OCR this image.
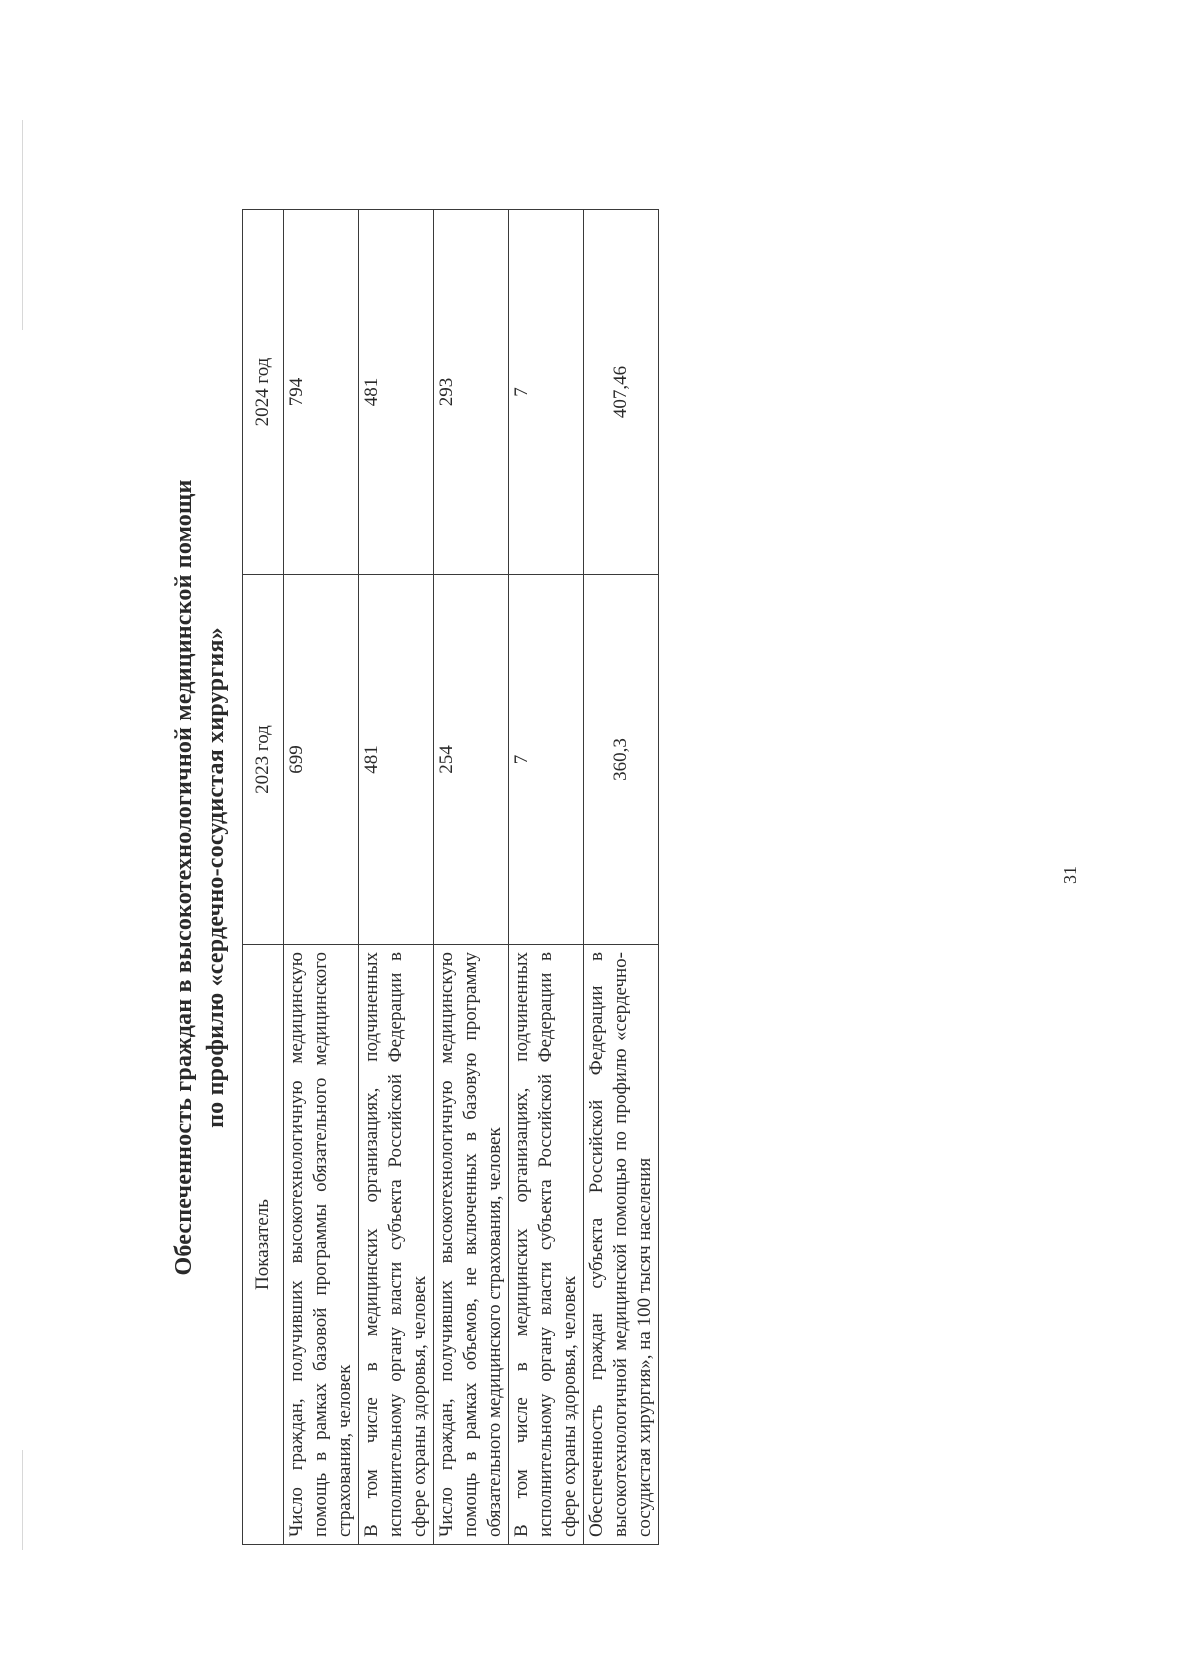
Обеспеченность граждан в высокотехнологичной медицинской помощи по профилю «сердечно-сосудистая хирургия»
Показатель	2023 год	2024 год
Число граждан, получивших высокотехнологичную медицинскую помощь в рамках базовой программы обязательного медицинского страхования, человек	699	794
В том числе в медицинских организациях, подчиненных исполнительному органу власти субъекта Российской Федерации в сфере охраны здоровья, человек	481	481
Число граждан, получивших высокотехнологичную медицинскую помощь в рамках объемов, не включенных в базовую программу обязательного медицинского страхования, человек	254	293
В том числе в медицинских организациях, подчиненных исполнительному органу власти субъекта Российской Федерации в сфере охраны здоровья, человек	7	7
Обеспеченность граждан субъекта Российской Федерации в высокотехнологичной медицинской помощью по профилю «сердечно-сосудистая хирургия», на 100 тысяч населения	360,3	407,46
31
